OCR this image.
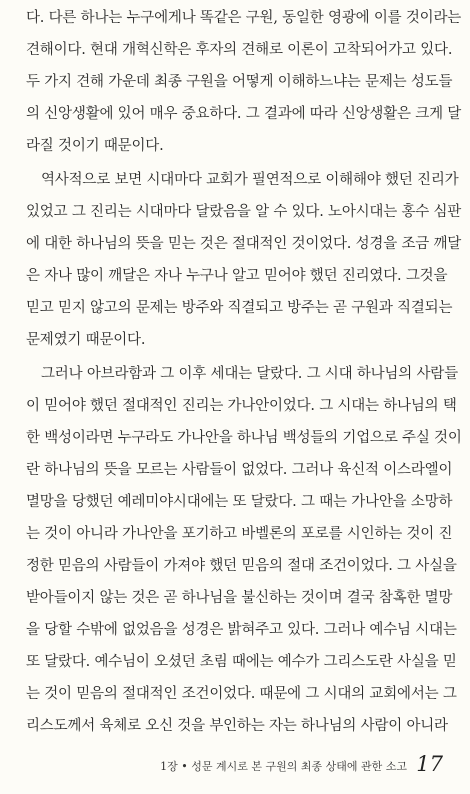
다. 다른 하나는 누구에게나 똑같은 구원, 동일한 영광에 이를 것이라는
견해이다. 현대 개혁신학은 후자의 견해로 이론이 고착되어가고 있다.
두 가지 견해 가운데 최종 구원을 어떻게 이해하느냐는 문제는 성도들
의 신앙생활에 있어 매우 중요하다. 그 결과에 따라 신앙생활은 크게 달
라질 것이기 때문이다.
역사적으로 보면 시대마다 교회가 필연적으로 이해해야 했던 진리가
있었고 그 진리는 시대마다 달랐음을 알 수 있다. 노아시대는 홍수 심판
에 대한 하나님의 뜻을 믿는 것은 절대적인 것이었다. 성경을 조금 깨달
은 자나 많이 깨달은 자나 누구나 알고 믿어야 했던 진리였다. 그것을
믿고 믿지 않고의 문제는 방주와 직결되고 방주는 곧 구원과 직결되는
문제였기 때문이다.
그러나 아브라함과 그 이후 세대는 달랐다. 그 시대 하나님의 사람들
이 믿어야 했던 절대적인 진리는 가나안이었다. 그 시대는 하나님의 택
한 백성이라면 누구라도 가나안을 하나님 백성들의 기업으로 주실 것이
란 하나님의 뜻을 모르는 사람들이 없었다. 그러나 육신적 이스라엘이
멸망을 당했던 예레미야시대에는 또 달랐다. 그 때는 가나안을 소망하
는 것이 아니라 가나안을 포기하고 바벨론의 포로를 시인하는 것이 진
정한 믿음의 사람들이 가져야 했던 믿음의 절대 조건이었다. 그 사실을
받아들이지 않는 것은 곧 하나님을 불신하는 것이며 결국 참혹한 멸망
을 당할 수밖에 없었음을 성경은 밝혀주고 있다. 그러나 예수님 시대는
또 달랐다. 예수님이 오셨던 초림 때에는 예수가 그리스도란 사실을 믿
는 것이 믿음의 절대적인 조건이었다. 때문에 그 시대의 교회에서는 그
리스도께서 육체로 오신 것을 부인하는 자는 하나님의 사람이 아니라
1장 • 성문 계시로 본 구원의 최종 상태에 관한 소고 17
